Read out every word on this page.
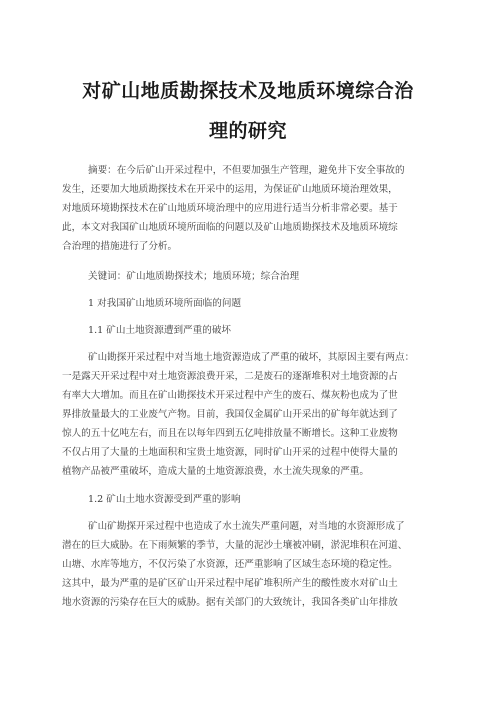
对矿山地质勘探技术及地质环境综合治
理的研究
摘要：在今后矿山开采过程中，不但要加强生产管理，避免井下安全事故的
发生，还要加大地质勘探技术在开采中的运用，为保证矿山地质环境治理效果，
对地质环境勘探技术在矿山地质环境治理中的应用进行适当分析非常必要。基于
此，本文对我国矿山地质环境所面临的问题以及矿山地质勘探技术及地质环境综
合治理的措施进行了分析。
关键词：矿山地质勘探技术；地质环境；综合治理
1 对我国矿山地质环境所面临的问题
1.1 矿山土地资源遭到严重的破坏
矿山勘探开采过程中对当地土地资源造成了严重的破坏，其原因主要有两点：
一是露天开采过程中对土地资源浪费开采，二是废石的逐渐堆积对土地资源的占
有率大大增加。而且在矿山勘探技术开采过程中产生的废石、煤灰粉也成为了世
界排放量最大的工业废气产物。目前，我国仅金属矿山开采出的矿每年就达到了
惊人的五十亿吨左右，而且在以每年四到五亿吨排放量不断增长。这种工业废物
不仅占用了大量的土地面积和宝贵土地资源，同时矿山开采的过程中使得大量的
植物产品被严重破坏，造成大量的土地资源浪费，水土流失现象的严重。
1.2 矿山土地水资源受到严重的影响
矿山矿勘探开采过程中也造成了水土流失严重问题，对当地的水资源形成了
潜在的巨大威胁。在下雨频繁的季节，大量的泥沙土壤被冲刷，淤泥堆积在河道、
山塘、水库等地方，不仅污染了水资源，还严重影响了区域生态环境的稳定性。
这其中，最为严重的是矿区矿山开采过程中尾矿堆积所产生的酸性废水对矿山土
地水资源的污染存在巨大的威胁。据有关部门的大致统计，我国各类矿山年排放
